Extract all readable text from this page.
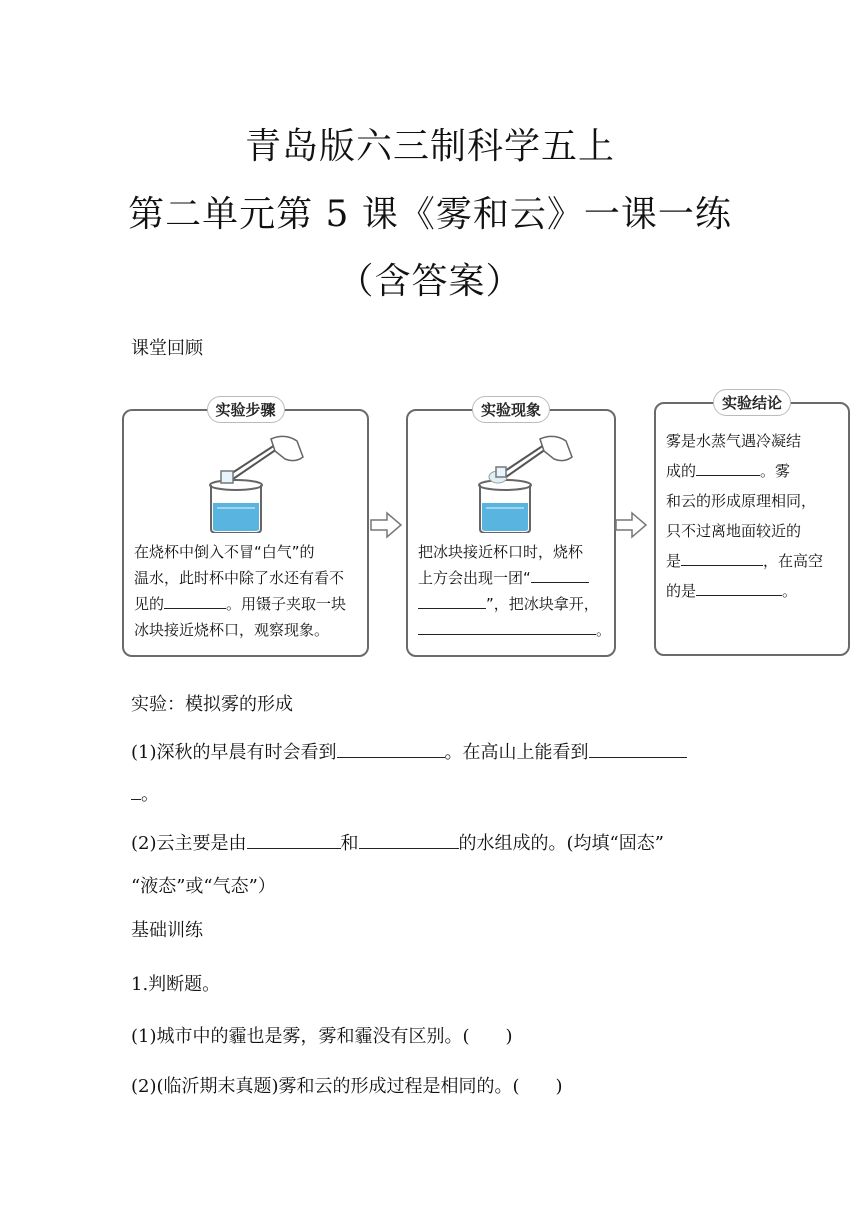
青岛版六三制科学五上
第二单元第 5 课《雾和云》一课一练
（含答案）
课堂回顾
实验步骤
在烧杯中倒入不冒“白气”的
温水，此时杯中除了水还有看不
见的	。用镊子夹取一块
冰块接近烧杯口，观察现象。
实验现象
把冰块接近杯口时，烧杯
上方会出现一团“
”，把冰块拿开，
。
实验结论
雾是水蒸气遇冷凝结
成的	。雾
和云的形成原理相同，
只不过离地面较近的
是	，在高空
的是	。
实验：模拟雾的形成
(1)深秋的早晨有时会看到	。在高山上能看到
。
(2)云主要是由	和	的水组成的。(均填“固态”
“液态”或“气态”）
基础训练
1.判断题。
(1)城市中的霾也是雾，雾和霾没有区别。(　　)
(2)(临沂期末真题)雾和云的形成过程是相同的。(　　)
